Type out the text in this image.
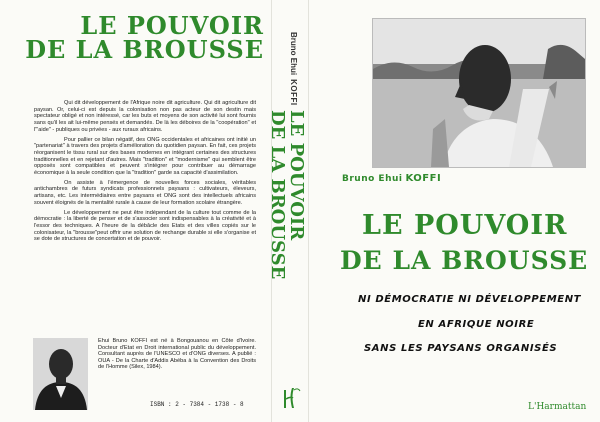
LE POUVOIR
DE LA BROUSSE

Qui dit développement de l'Afrique noire dit agriculture. Qui dit agriculture dit paysan. Or, celui-ci est depuis la colonisation non pas acteur de son destin mais spectateur obligé et non intéressé, car les buts et moyens de son activité lui sont fournis sans qu'il les ait lui-même pensés et demandés. De là les déboires de la "coopération" et l'"aide" - publiques ou privées - aux ruraux africains.

Pour pallier ce bilan négatif, des ONG occidentales et africaines ont initié un "partenariat" à travers des projets d'amélioration du quotidien paysan. En fait, ces projets réorganisent le tissu rural sur des bases modernes en intégrant certaines des structures traditionnelles et en rejetant d'autres. Mais "tradition" et "modernisme" qui semblent être opposés sont compatibles et peuvent s'intégrer pour contribuer au démarrage économique à la seule condition que la "tradition" garde sa capacité d'assimilation.

On assiste à l'émergence de nouvelles forces sociales, véritables antichambres de futurs syndicats professionnels paysans : cultivateurs, éleveurs, artisans, etc. Les intermédiaires entre paysans et ONG sont des intellectuels africains souvent éloignés de la mentalité rurale à cause de leur formation scolaire étrangère.

Le développement ne peut être indépendant de la culture tout comme de la démocratie : la liberté de penser et de s'associer sont indispensables à la créativité et à l'essor des techniques. A l'heure de la débâcle des Etats et des villes copiés sur le colonisateur, la "brousse"peut offrir une solution de rechange durable si elle s'organise et se dote de structures de concertation et de pouvoir.

Ehui Bruno KOFFI est né à Bongouanou en Côte d'Ivoire. Docteur d'Etat en Droit international public du développement. Consultant auprès de l'UNESCO et d'ONG diverses. A publié : OUA - De la Charte d'Addis Abéba à la Convention des Droits de l'Homme (Silex, 1984).
ISBN : 2 - 7384 - 1738 - 8
Bruno EhuiKOFFI
LE POUVOIR
DE LA BROUSSE	Bruno Ehui KOFFI
LE POUVOIR
DE LA BROUSSE
NI DÉMOCRATIE NI DÉVELOPPEMENT
EN AFRIQUE NOIRE
SANS LES PAYSANS ORGANISÉS
L'Harmattan
